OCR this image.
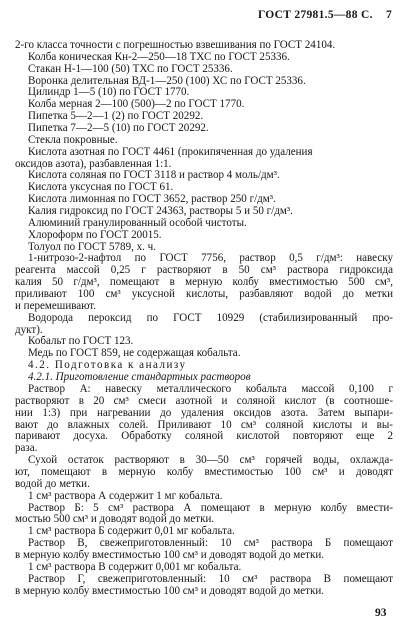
ГОСТ 27981.5—88 С. 7
2-го класса точности с погрешностью взвешивания по ГОСТ 24104.
Колба коническая Кн-2—250—18 ТХС по ГОСТ 25336.
Стакан Н-1—100 (50) ТХС по ГОСТ 25336.
Воронка делительная ВД-1—250 (100) ХС по ГОСТ 25336.
Цилиндр 1—5 (10) по ГОСТ 1770.
Колба мерная 2—100 (500)—2 по ГОСТ 1770.
Пипетка 5—2—1 (2) по ГОСТ 20292.
Пипетка 7—2—5 (10) по ГОСТ 20292.
Стекла покровные.
Кислота азотная по ГОСТ 4461 (прокипяченная до удаления
оксидов азота), разбавленная 1:1.
Кислота соляная по ГОСТ 3118 и раствор 4 моль/дм³.
Кислота уксусная по ГОСТ 61.
Кислота лимонная по ГОСТ 3652, раствор 250 г/дм³.
Калия гидроксид по ГОСТ 24363, растворы 5 и 50 г/дм³.
Алюминий гранулированный особой чистоты.
Хлороформ по ГОСТ 20015.
Толуол по ГОСТ 5789, х. ч.
1-нитрозо-2-нафтол по ГОСТ 7756, раствор 0,5 г/дм³: навеску
реагента массой 0,25 г растворяют в 50 см³ раствора гидроксида
калия 50 г/дм³, помещают в мерную колбу вместимостью 500 см³,
приливают 100 см³ уксусной кислоты, разбавляют водой до метки
и перемешивают.
Водорода пероксид по ГОСТ 10929 (стабилизированный про-
дукт).
Кобальт по ГОСТ 123.
Медь по ГОСТ 859, не содержащая кобальта.
4.2. Подготовка к анализу
4.2.1. Приготовление стандартных растворов
Раствор А: навеску металлического кобальта массой 0,100 г
растворяют в 20 см³ смеси азотной и соляной кислот (в соотноше-
нии 1:3) при нагревании до удаления оксидов азота. Затем выпари-
вают до влажных солей. Приливают 10 см³ соляной кислоты и вы-
паривают досуха. Обработку соляной кислотой повторяют еще 2
раза.
Сухой остаток растворяют в 30—50 см³ горячей воды, охлаждa-
ют, помещают в мерную колбу вместимостью 100 см³ и доводят
водой до метки.
1 см³ раствора А содержит 1 мг кобальта.
Раствор Б: 5 см³ раствора А помещают в мерную колбу вмести-
мостью 500 см³ и доводят водой до метки.
1 см³ раствора Б содержит 0,01 мг кобальта.
Раствор В, свежеприготовленный: 10 см³ раствора Б помещают
в мерную колбу вместимостью 100 см³ и доводят водой до метки.
1 см³ раствора В содержит 0,001 мг кобальта.
Раствор Г, свежеприготовленный: 10 см³ раствора В помещают
в мерную колбу вместимостью 100 см³ и доводят водой до метки.
93
